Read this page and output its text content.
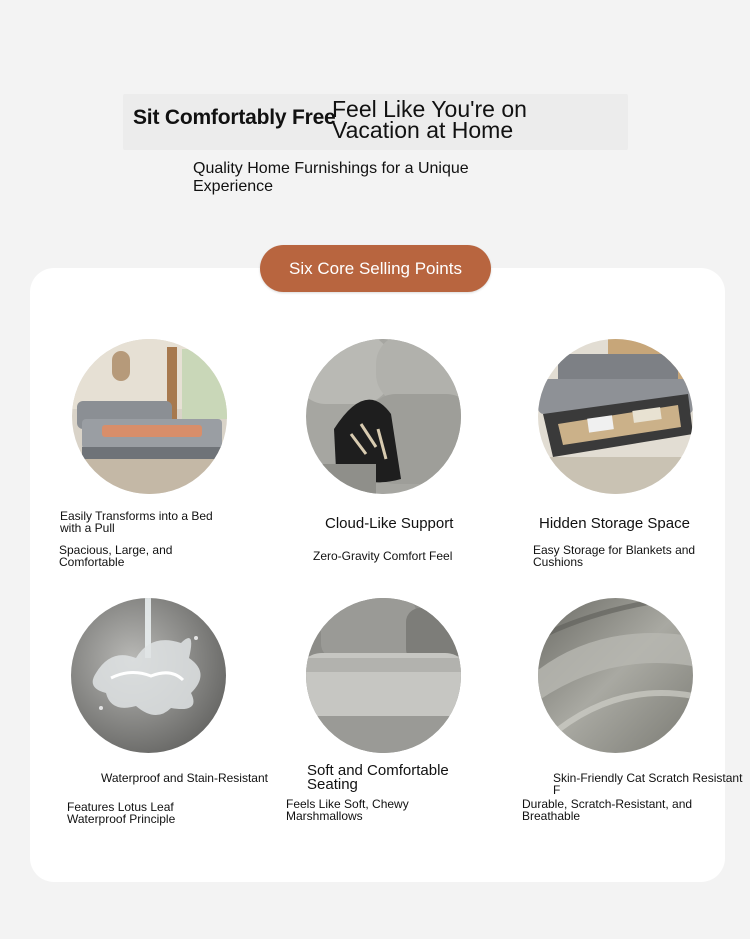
Sit Comfortably Free
Feel Like You're on
Vacation at Home
Quality Home Furnishings for a Unique Experience
Six Core Selling Points
Easily Transforms into a Bed
with a Pull
Spacious, Large, and
Comfortable
Cloud-Like Support
Zero-Gravity Comfort Feel
Hidden Storage Space
Easy Storage for Blankets and
Cushions
Waterproof and Stain-Resistant
Features Lotus Leaf
Waterproof Principle
Soft and Comfortable
Seating
Feels Like Soft, Chewy
Marshmallows
Skin-Friendly Cat Scratch Resistant F
Durable, Scratch-Resistant, and
Breathable
